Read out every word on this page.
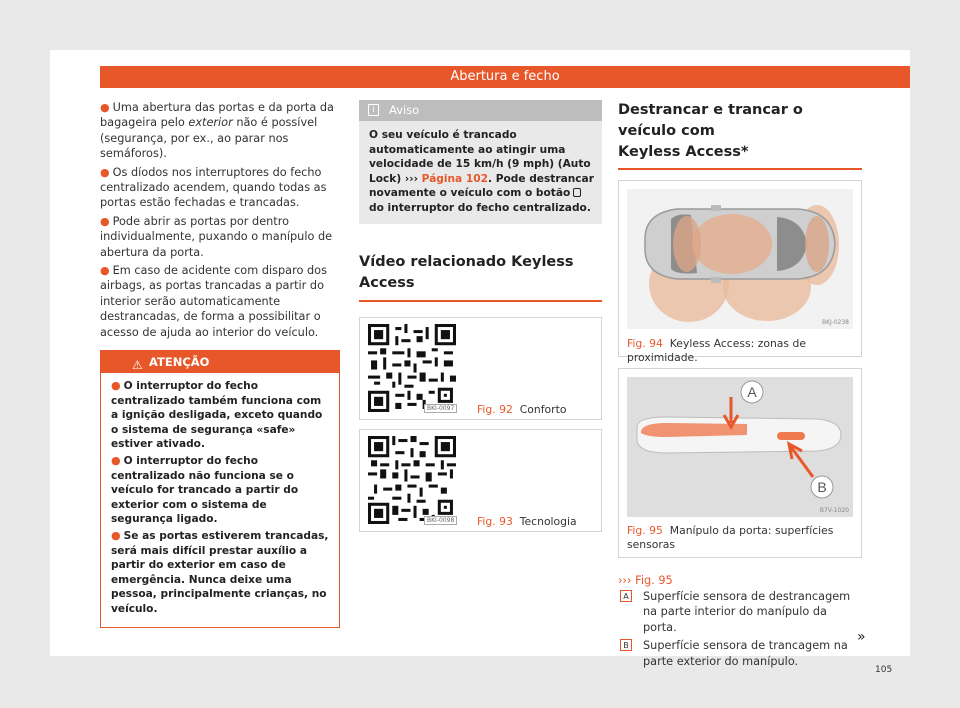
Abertura e fecho

● Uma abertura das portas e da porta da bagageira pelo exterior não é possível (segurança, por ex., ao parar nos semáforos).

● Os díodos nos interruptores do fecho centralizado acendem, quando todas as portas estão fechadas e trancadas.

● Pode abrir as portas por dentro individualmente, puxando o manípulo de abertura da porta.

● Em caso de acidente com disparo dos airbags, as portas trancadas a partir do interior serão automaticamente destrancadas, de forma a possibilitar o acesso de ajuda ao interior do veículo.

⚠ ATENÇÃO

● O interruptor do fecho centralizado também funciona com a ignição desligada, exceto quando o sistema de segurança «safe» estiver ativado.

● O interruptor do fecho centralizado não funciona se o veículo for trancado a partir do exterior com o sistema de segurança ligado.

● Se as portas estiverem trancadas, será mais difícil prestar auxílio a partir do exterior em caso de emergência. Nunca deixe uma pessoa, principalmente crianças, no veículo.

i	Aviso
O seu veículo é trancado automaticamente ao atingir uma velocidade de 15 km/h (9 mph) (Auto Lock) ››› Página 102. Pode destrancar novamente o veículo com o botãodo interruptor do fecho centralizado.
Vídeo relacionado Keyless Access
BKI-0097 Fig. 92 Conforto
BKI-0098 Fig. 93 Tecnologia
Destrancar e trancar o veículo com
Keyless Access*
BKJ-0238
Fig. 94 Keyless Access: zonas de proximidade.
A
B
B7V-1020
Fig. 95 Manípulo da porta: superfícies sensoras
››› Fig. 95
A Superfície sensora de destrancagem na parte interior do manípulo da porta.
B Superfície sensora de trancagem na parte exterior do manípulo.
»
105
